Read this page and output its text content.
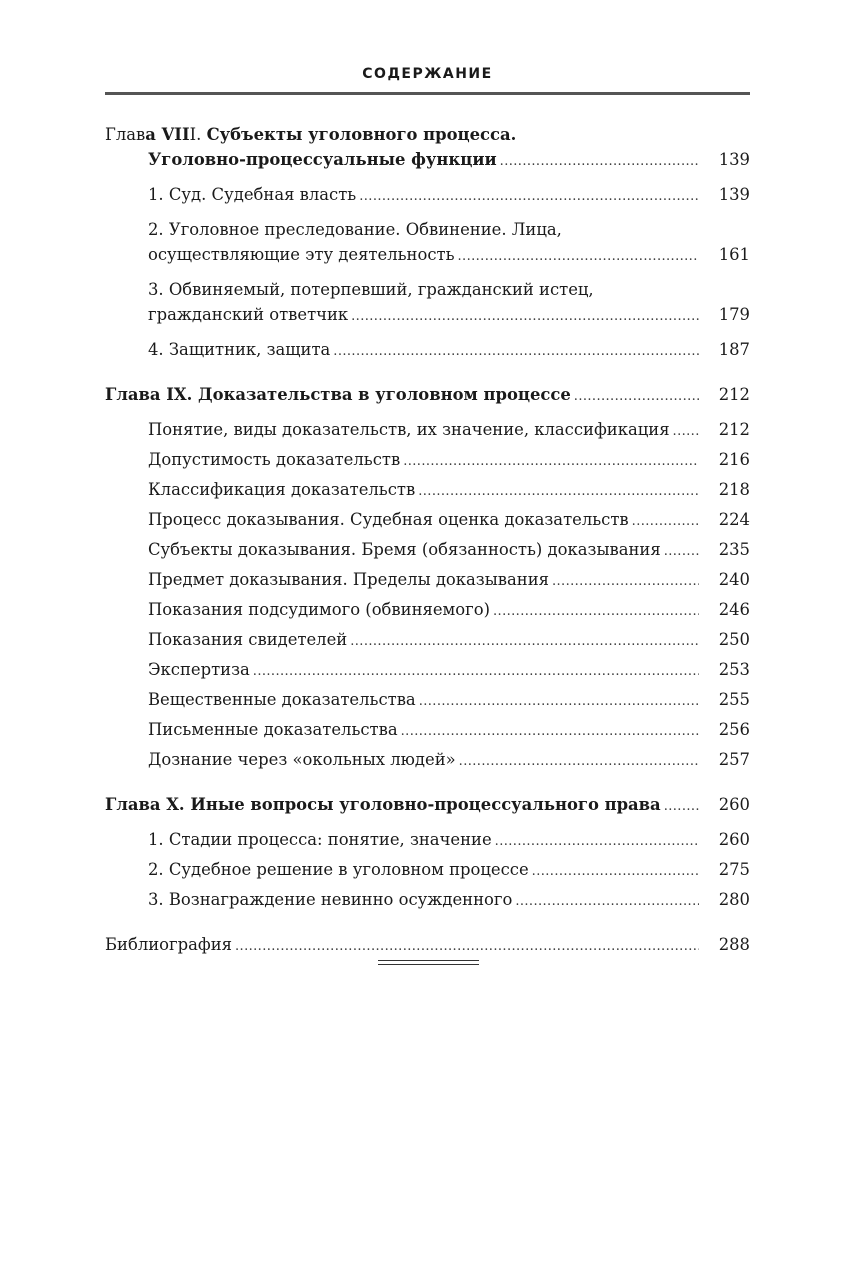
СОДЕРЖАНИЕ
Глава VIII. Субъекты уголовного процесса.
Уголовно-процессуальные функции .....	139
1. Суд. Судебная власть .....	139
2. Уголовное преследование. Обвинение. Лица,
осуществляющие эту деятельность .....	161
3. Обвиняемый, потерпевший, гражданский истец,
гражданский ответчик .....	179
4. Защитник, защита .....	187
Глава IX. Доказательства в уголовном процессе .....	212
Понятие, виды доказательств, их значение, классификация .....	212
Допустимость доказательств .....	216
Классификация доказательств .....	218
Процесс доказывания. Судебная оценка доказательств .....	224
Субъекты доказывания. Бремя (обязанность) доказывания .....	235
Предмет доказывания. Пределы доказывания .....	240
Показания подсудимого (обвиняемого) .....	246
Показания свидетелей .....	250
Экспертиза .....	253
Вещественные доказательства .....	255
Письменные доказательства .....	256
Дознание через «окольных людей» .....	257
Глава X. Иные вопросы уголовно-процессуального права .....	260
1. Стадии процесса: понятие, значение .....	260
2. Судебное решение в уголовном процессе .....	275
3. Вознаграждение невинно осужденного .....	280
Библиография .....	288
